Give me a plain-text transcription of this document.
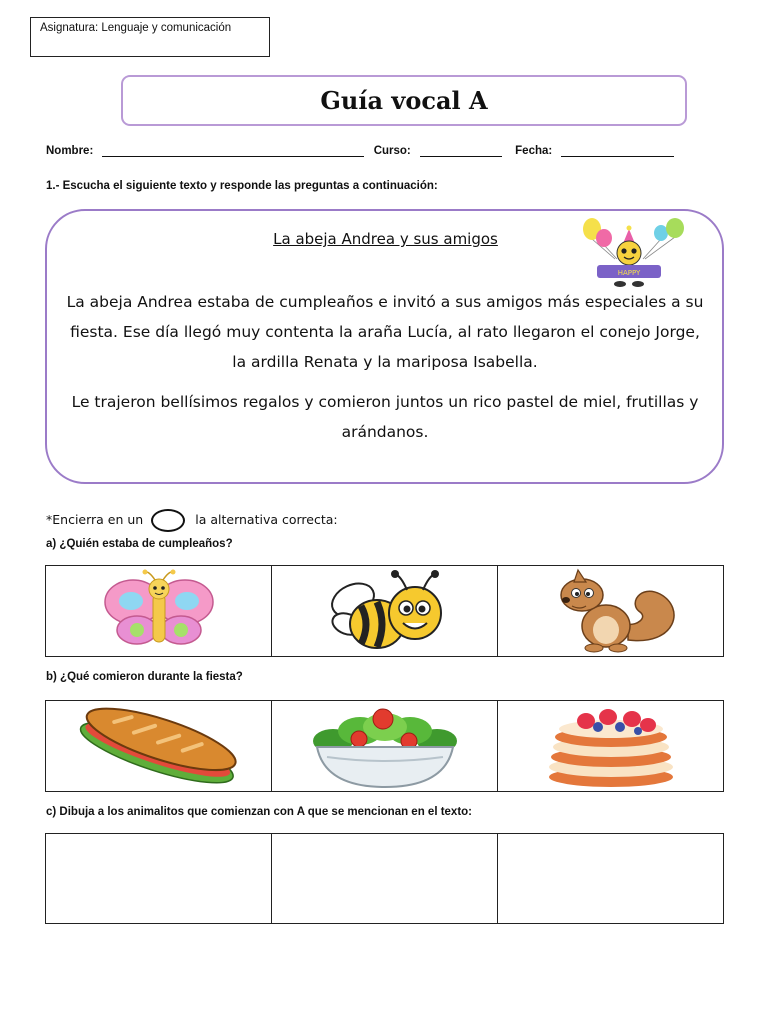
Asignatura: Lenguaje y comunicación
Guía vocal A
Nombre:	Curso:	Fecha:
1.- Escucha el siguiente texto y responde las preguntas a continuación:
La abeja Andrea y sus amigos
HAPPY

La abeja Andrea estaba de cumpleaños e invitó a sus amigos más especiales a su fiesta. Ese día llegó muy contenta la araña Lucía, al rato llegaron el conejo Jorge, la ardilla Renata y la mariposa Isabella.

Le trajeron bellísimos regalos y comieron juntos un rico pastel de miel, frutillas y arándanos.

*Encierra en un	la alternativa correcta:
a) ¿Quién estaba de cumpleaños?

b) ¿Qué comieron durante la fiesta?

c) Dibuja a los animalitos que comienzan con A que se mencionan en el texto:
